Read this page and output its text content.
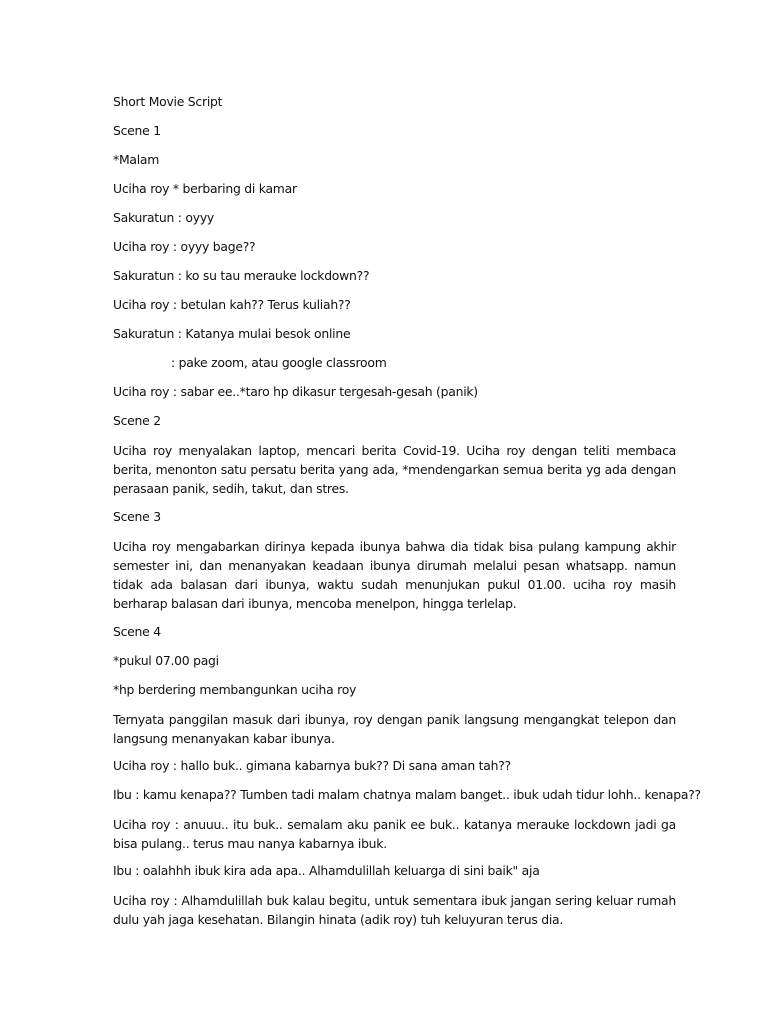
Short Movie Script
Scene 1
*Malam
Uciha roy * berbaring di kamar
Sakuratun : oyyy
Uciha roy : oyyy bage??
Sakuratun : ko su tau merauke lockdown??
Uciha roy : betulan kah?? Terus kuliah??
Sakuratun : Katanya mulai besok online
: pake zoom, atau google classroom
Uciha roy : sabar ee..*taro hp dikasur tergesah-gesah (panik)
Scene 2
Uciha roy menyalakan laptop, mencari berita Covid-19. Uciha roy dengan teliti membaca berita, menonton satu persatu berita yang ada, *mendengarkan semua berita yg ada dengan perasaan panik, sedih, takut, dan stres.
Scene 3
Uciha roy mengabarkan dirinya kepada ibunya bahwa dia tidak bisa pulang kampung akhir semester ini, dan menanyakan keadaan ibunya dirumah melalui pesan whatsapp. namun tidak ada balasan dari ibunya, waktu sudah menunjukan pukul 01.00. uciha roy masih berharap balasan dari ibunya, mencoba menelpon, hingga terlelap.
Scene 4
*pukul 07.00 pagi
*hp berdering membangunkan uciha roy
Ternyata panggilan masuk dari ibunya, roy dengan panik langsung mengangkat telepon dan langsung menanyakan kabar ibunya.
Uciha roy : hallo buk.. gimana kabarnya buk?? Di sana aman tah??
Ibu : kamu kenapa?? Tumben tadi malam chatnya malam banget.. ibuk udah tidur lohh.. kenapa??
Uciha roy : anuuu.. itu buk.. semalam aku panik ee buk.. katanya merauke lockdown jadi ga bisa pulang.. terus mau nanya kabarnya ibuk.
Ibu : oalahhh ibuk kira ada apa.. Alhamdulillah keluarga di sini baik" aja
Uciha roy : Alhamdulillah buk kalau begitu, untuk sementara ibuk jangan sering keluar rumah dulu yah jaga kesehatan. Bilangin hinata (adik roy) tuh keluyuran terus dia.
